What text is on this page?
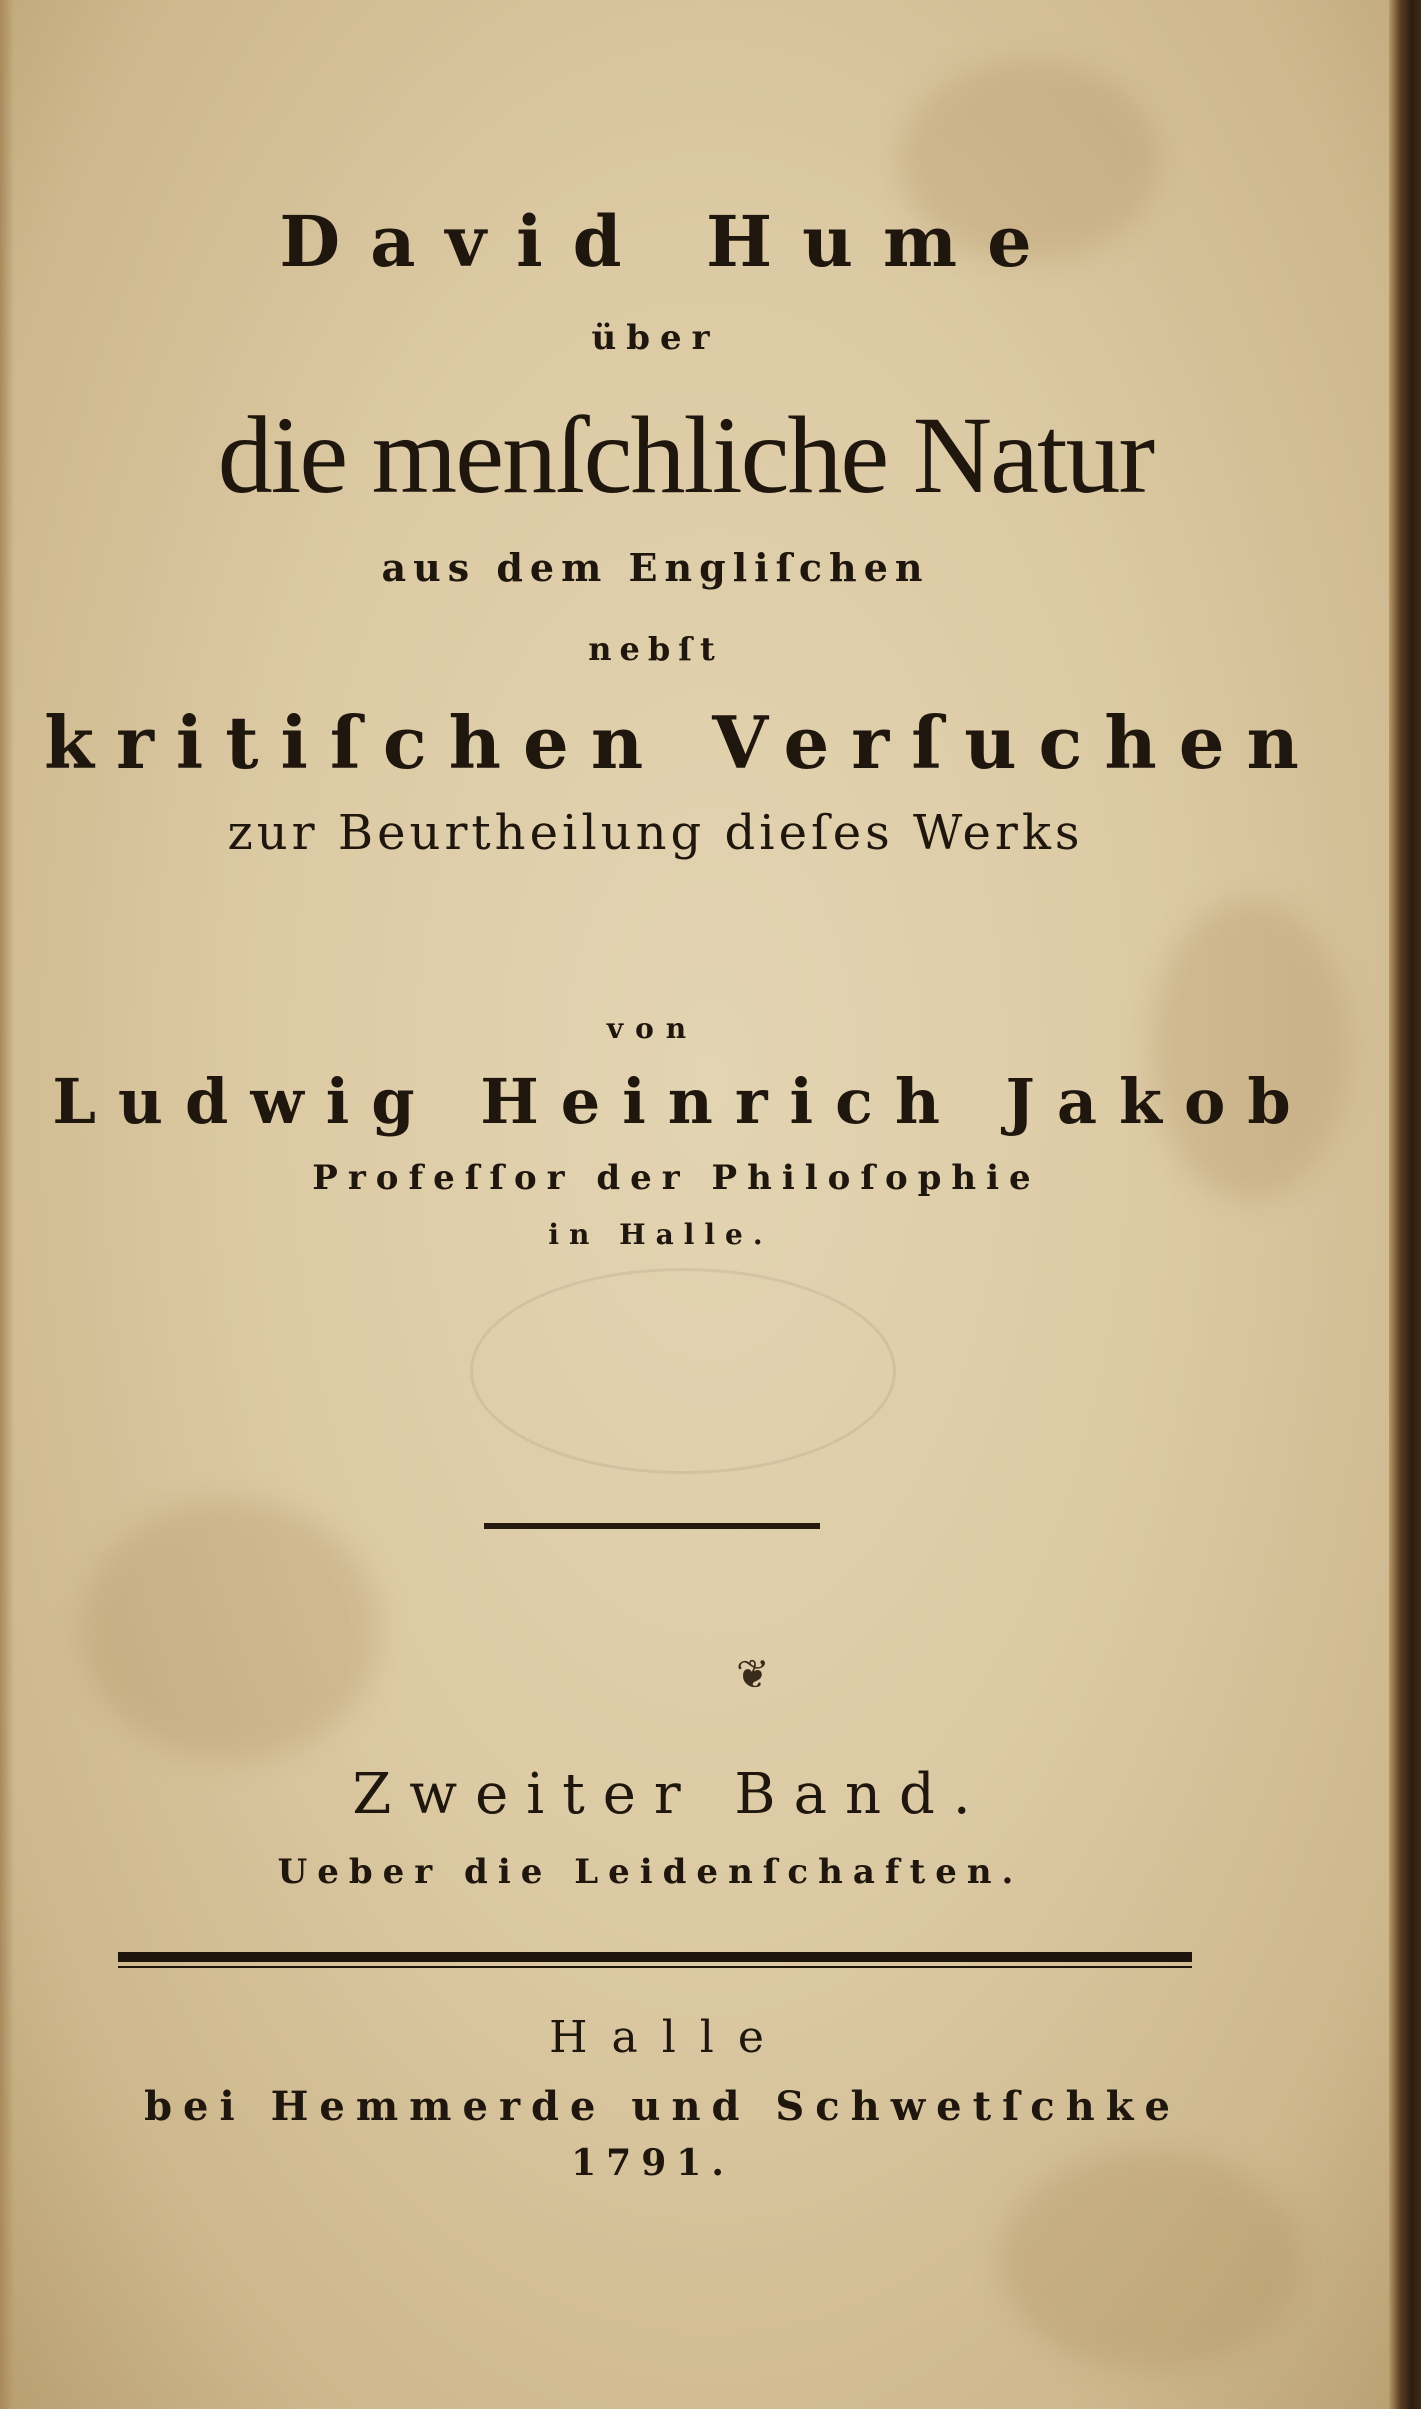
David Hume
über
die menſchliche Natur
aus dem Engliſchen
nebſt
kritiſchen Verſuchen
zur Beurtheilung dieſes Werks
von
Ludwig Heinrich Jakob
Profeſſor der Philoſophie
in Halle.
❦
Zweiter Band.
Ueber die Leidenſchaften.
Halle
bei Hemmerde und Schwetſchke
1791.
